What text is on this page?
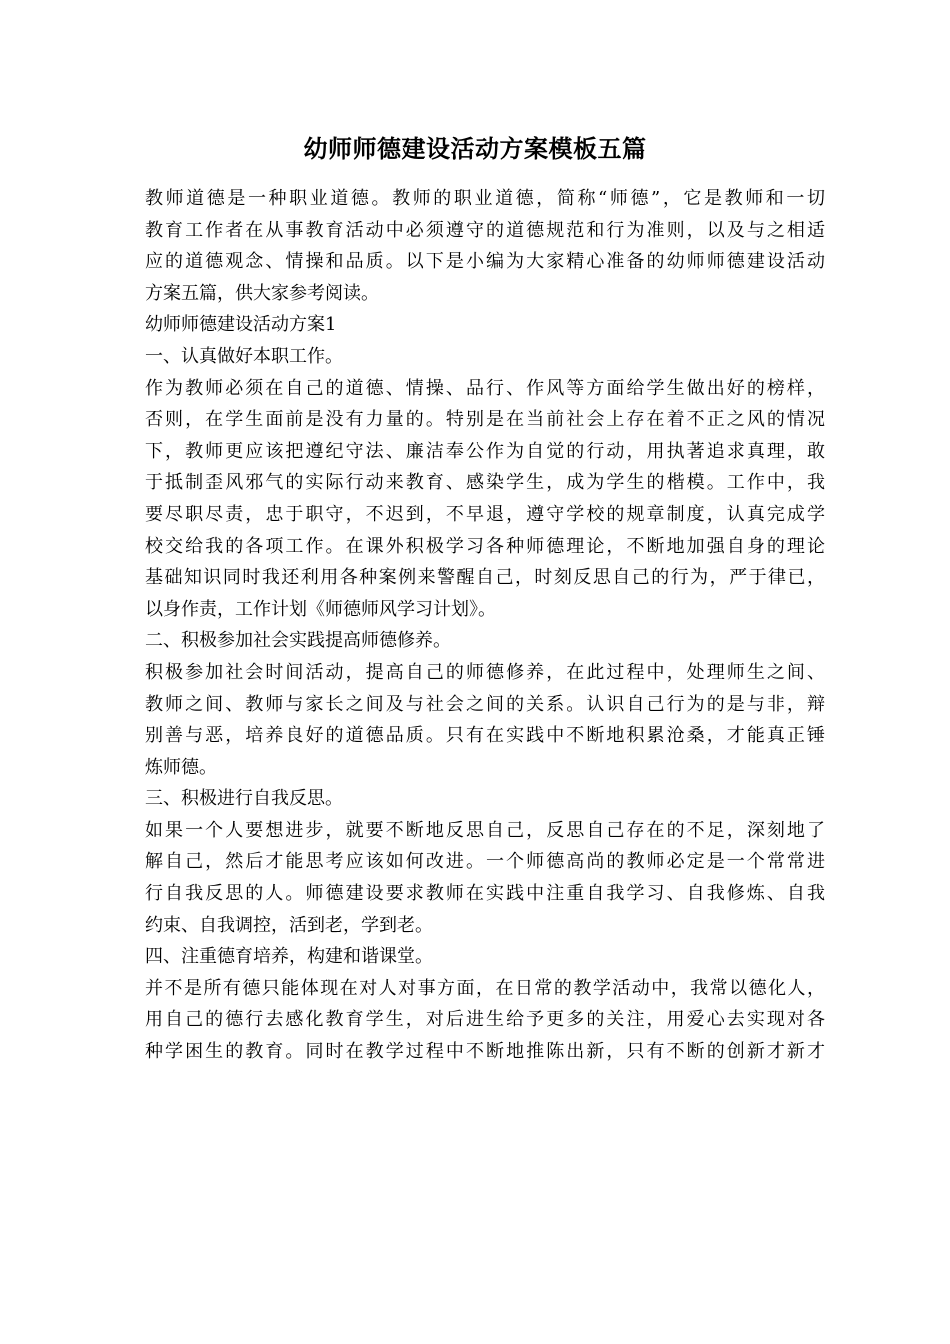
幼师师德建设活动方案模板五篇
教师道德是一种职业道德。教师的职业道德，简称“师德”，它是教师和一切
教育工作者在从事教育活动中必须遵守的道德规范和行为准则，以及与之相适
应的道德观念、情操和品质。以下是小编为大家精心准备的幼师师德建设活动
方案五篇，供大家参考阅读。
幼师师德建设活动方案1
一、认真做好本职工作。
作为教师必须在自己的道德、情操、品行、作风等方面给学生做出好的榜样，
否则，在学生面前是没有力量的。特别是在当前社会上存在着不正之风的情况
下，教师更应该把遵纪守法、廉洁奉公作为自觉的行动，用执著追求真理，敢
于抵制歪风邪气的实际行动来教育、感染学生，成为学生的楷模。工作中，我
要尽职尽责，忠于职守，不迟到，不早退，遵守学校的规章制度，认真完成学
校交给我的各项工作。在课外积极学习各种师德理论，不断地加强自身的理论
基础知识同时我还利用各种案例来警醒自己，时刻反思自己的行为，严于律已，
以身作责，工作计划《师德师风学习计划》。
二、积极参加社会实践提高师德修养。
积极参加社会时间活动，提高自己的师德修养，在此过程中，处理师生之间、
教师之间、教师与家长之间及与社会之间的关系。认识自己行为的是与非，辩
别善与恶，培养良好的道德品质。只有在实践中不断地积累沧桑，才能真正锤
炼师德。
三、积极进行自我反思。
如果一个人要想进步，就要不断地反思自己，反思自己存在的不足，深刻地了
解自己，然后才能思考应该如何改进。一个师德高尚的教师必定是一个常常进
行自我反思的人。师德建设要求教师在实践中注重自我学习、自我修炼、自我
约束、自我调控，活到老，学到老。
四、注重德育培养，构建和谐课堂。
并不是所有德只能体现在对人对事方面，在日常的教学活动中，我常以德化人，
用自己的德行去感化教育学生，对后进生给予更多的关注，用爱心去实现对各
种学困生的教育。同时在教学过程中不断地推陈出新，只有不断的创新才新才
